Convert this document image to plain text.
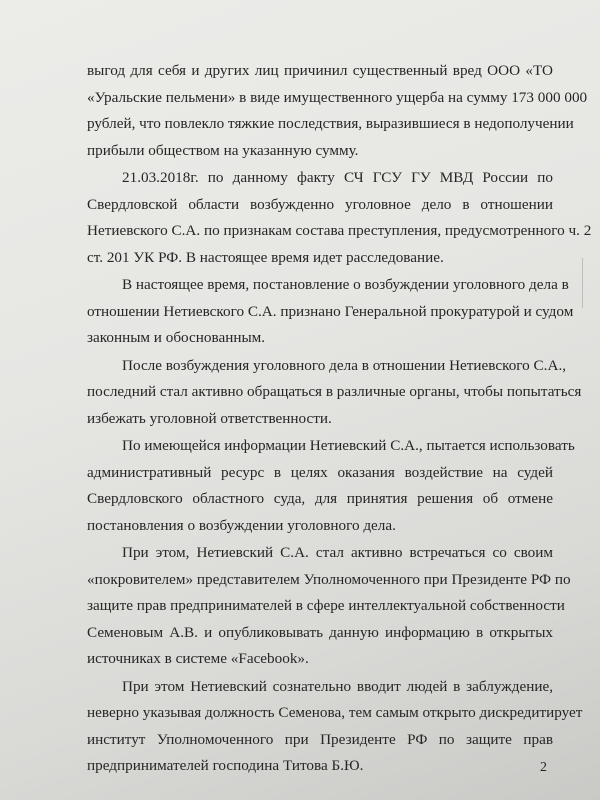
выгод для себя и других лиц причинил существенный вред ООО «ТО
«Уральские пельмени» в виде имущественного ущерба на сумму 173 000 000
рублей, что повлекло тяжкие последствия, выразившиеся в недополучении
прибыли обществом на указанную сумму.
21.03.2018г. по данному факту СЧ ГСУ ГУ МВД России по
Свердловской области возбужденно уголовное дело в отношении
Нетиевского С.А. по признакам состава преступления, предусмотренного ч. 2
ст. 201 УК РФ. В настоящее время идет расследование.
В настоящее время, постановление о возбуждении уголовного дела в
отношении Нетиевского С.А. признано Генеральной прокуратурой и судом
законным и обоснованным.
После возбуждения уголовного дела в отношении Нетиевского С.А.,
последний стал активно обращаться в различные органы, чтобы попытаться
избежать уголовной ответственности.
По имеющейся информации Нетиевский С.А., пытается использовать
административный ресурс в целях оказания воздействие на судей
Свердловского областного суда, для принятия решения об отмене
постановления о возбуждении уголовного дела.
При этом, Нетиевский С.А. стал активно встречаться со своим
«покровителем» представителем Уполномоченного при Президенте РФ по
защите прав предпринимателей в сфере интеллектуальной собственности
Семеновым А.В. и опубликовывать данную информацию в открытых
источниках в системе «Facebook».
При этом Нетиевский сознательно вводит людей в заблуждение,
неверно указывая должность Семенова, тем самым открыто дискредитирует
институт Уполномоченного при Президенте РФ по защите прав
предпринимателей господина Титова Б.Ю.	2
